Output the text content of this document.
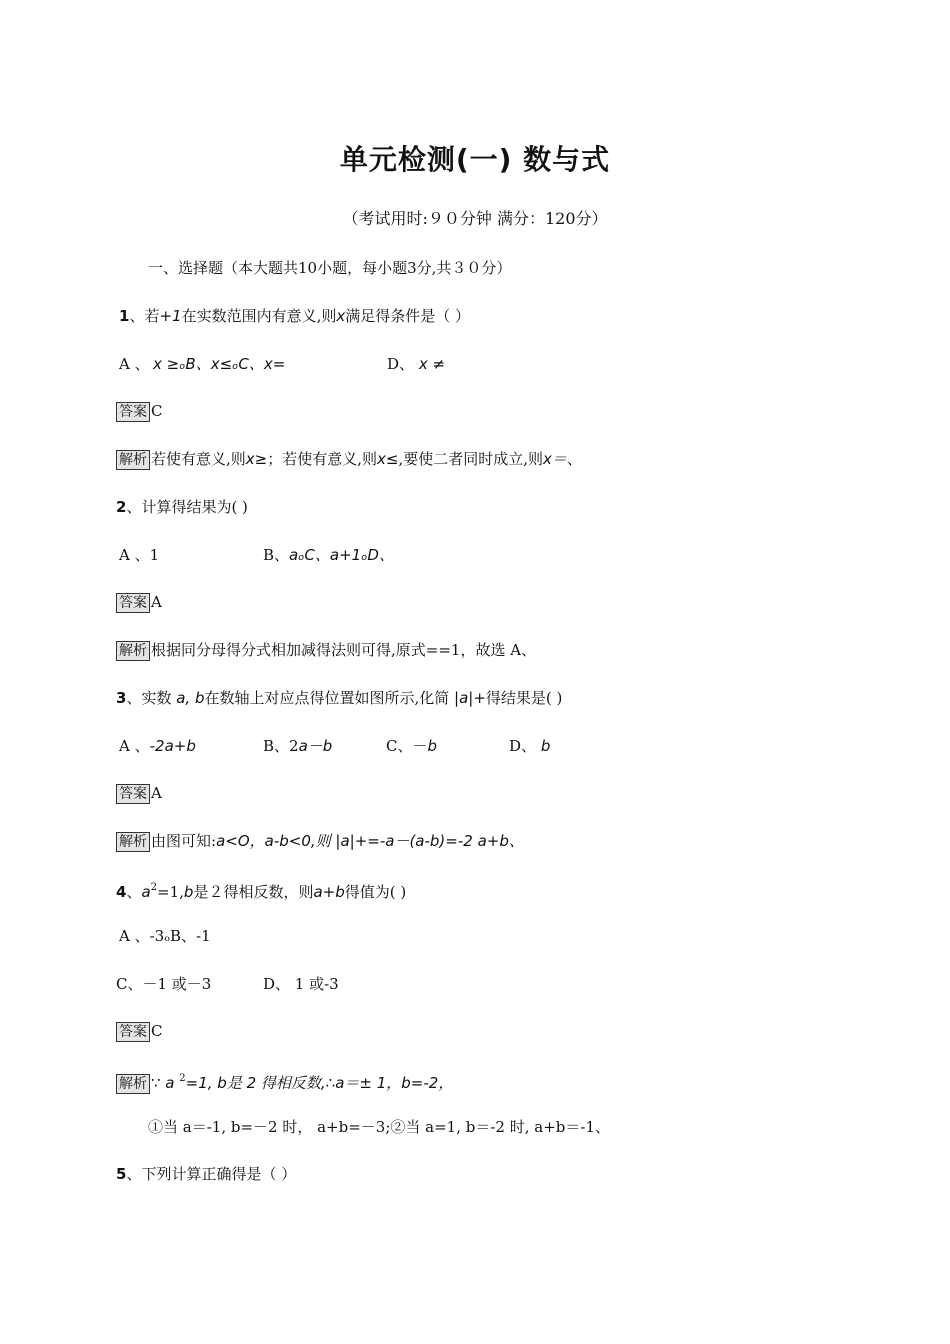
单元检测(一) 数与式
（考试用时:９０分钟 满分：120分）
一、选择题（本大题共10小题，每小题3分,共３０分）
1、若+1在实数范围内有意义,则x满足得条件是（ ）
A 、 x ≥ₒB、x≤ₒC、x=	D、 x ≠
答案 C
解析 若使有意义,则x≥；若使有意义,则x≤,要使二者同时成立,则x＝、
2、计算得结果为( )
A 、1	B、aₒC、a+1ₒD、
答案 A
解析 根据同分母得分式相加减得法则可得,原式==1，故选 A、
3、实数 a, b在数轴上对应点得位置如图所示,化简 |a|+得结果是( )
A 、-2a+b	B、2a－b	C、－b	D、 b
答案 A
解析 由图可知:a<O，a-b<0,则 |a|+=-a－(a-b)=-2 a+b、
4、$a^2=1,b$是２得相反数，则a+b得值为( )
A 、-3ₒB、-1
C、－1 或－3	D、 1 或-3
答案 C
解析 ∵ a $^2$=1, b是 2 得相反数,∴a＝± 1，b=-2，
①当 a＝-1, b=－2 时， a+b=－3;②当 a=1, b＝-2 时, a+b＝-1、
5、下列计算正确得是（ ）
